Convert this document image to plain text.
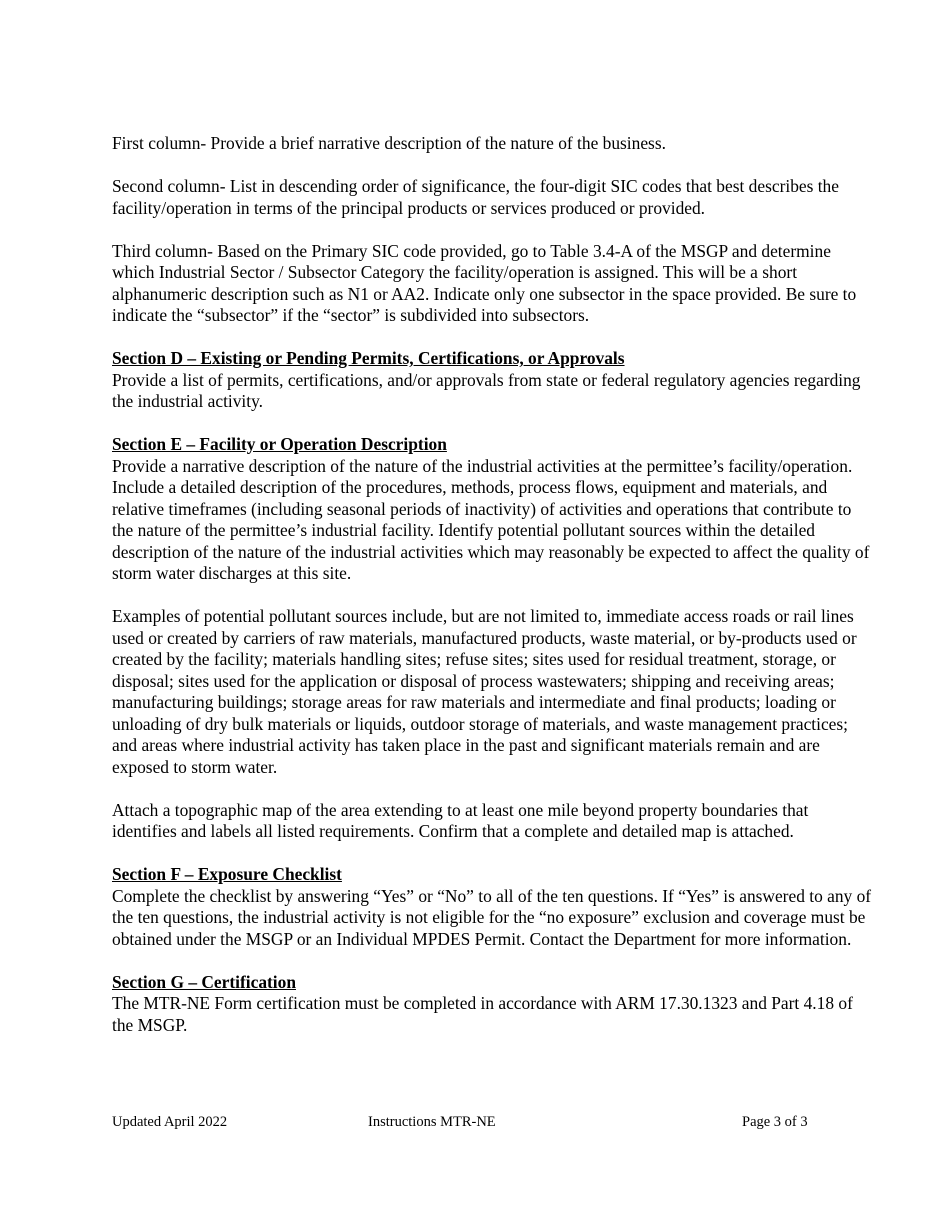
First column- Provide a brief narrative description of the nature of the business.

Second column- List in descending order of significance, the four-digit SIC codes that best describes the facility/operation in terms of the principal products or services produced or provided.

Third column- Based on the Primary SIC code provided, go to Table 3.4-A of the MSGP and determine which Industrial Sector / Subsector Category the facility/operation is assigned. This will be a short alphanumeric description such as N1 or AA2. Indicate only one subsector in the space provided. Be sure to indicate the “subsector” if the “sector” is subdivided into subsectors.

Section D – Existing or Pending Permits, Certifications, or Approvals

Provide a list of permits, certifications, and/or approvals from state or federal regulatory agencies regarding the industrial activity.

Section E – Facility or Operation Description

Provide a narrative description of the nature of the industrial activities at the permittee’s facility/operation. Include a detailed description of the procedures, methods, process flows, equipment and materials, and relative timeframes (including seasonal periods of inactivity) of activities and operations that contribute to the nature of the permittee’s industrial facility. Identify potential pollutant sources within the detailed description of the nature of the industrial activities which may reasonably be expected to affect the quality of storm water discharges at this site.

Examples of potential pollutant sources include, but are not limited to, immediate access roads or rail lines used or created by carriers of raw materials, manufactured products, waste material, or by-products used or created by the facility; materials handling sites; refuse sites; sites used for residual treatment, storage, or disposal; sites used for the application or disposal of process wastewaters; shipping and receiving areas; manufacturing buildings; storage areas for raw materials and intermediate and final products; loading or unloading of dry bulk materials or liquids, outdoor storage of materials, and waste management practices; and areas where industrial activity has taken place in the past and significant materials remain and are exposed to storm water.

Attach a topographic map of the area extending to at least one mile beyond property boundaries that identifies and labels all listed requirements. Confirm that a complete and detailed map is attached.

Section F – Exposure Checklist

Complete the checklist by answering “Yes” or “No” to all of the ten questions. If “Yes” is answered to any of the ten questions, the industrial activity is not eligible for the “no exposure” exclusion and coverage must be obtained under the MSGP or an Individual MPDES Permit. Contact the Department for more information.

Section G – Certification

The MTR-NE Form certification must be completed in accordance with ARM 17.30.1323 and Part 4.18 of the MSGP.

Updated April 2022	Instructions MTR-NE	Page 3 of 3
